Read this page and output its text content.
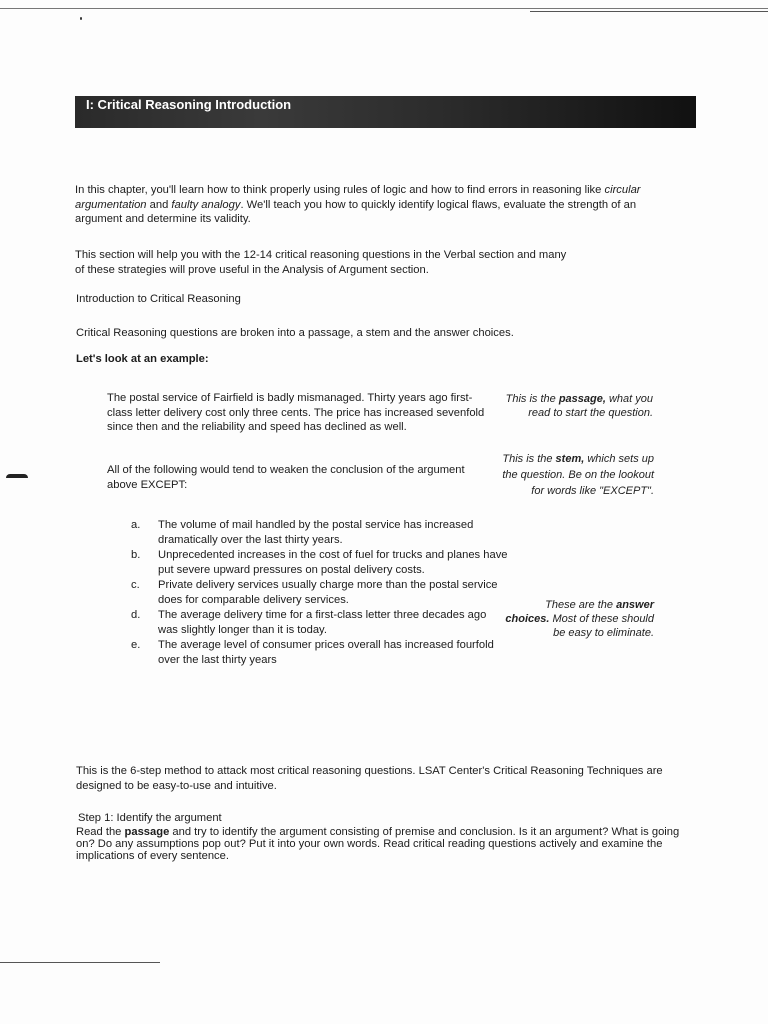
I: Critical Reasoning Introduction

In this chapter, you'll learn how to think properly using rules of logic and how to find errors in reasoning like circular argumentation and faulty analogy. We'll teach you how to quickly identify logical flaws, evaluate the strength of an argument and determine its validity.

This section will help you with the 12-14 critical reasoning questions in the Verbal section and many of these strategies will prove useful in the Analysis of Argument section.

Introduction to Critical Reasoning

Critical Reasoning questions are broken into a passage, a stem and the answer choices.

Let's look at an example:

The postal service of Fairfield is badly mismanaged. Thirty years ago first-class letter delivery cost only three cents. The price has increased sevenfold since then and the reliability and speed has declined as well.

All of the following would tend to weaken the conclusion of the argument above EXCEPT:

a.	The volume of mail handled by the postal service has increased dramatically over the last thirty years.
b.	Unprecedented increases in the cost of fuel for trucks and planes have put severe upward pressures on postal delivery costs.
c.	Private delivery services usually charge more than the postal service does for comparable delivery services.
d.	The average delivery time for a first-class letter three decades ago was slightly longer than it is today.
e.	The average level of consumer prices overall has increased fourfold over the last thirty years
This is the passage, what you read to start the question.
This is the stem, which sets up the question. Be on the lookout for words like "EXCEPT".
These are the answer choices. Most of these should be easy to eliminate.

This is the 6-step method to attack most critical reasoning questions. LSAT Center's Critical Reasoning Techniques are designed to be easy-to-use and intuitive.

Step 1: Identify the argument

Read the passage and try to identify the argument consisting of premise and conclusion. Is it an argument? What is going on? Do any assumptions pop out? Put it into your own words. Read critical reading questions actively and examine the implications of every sentence.
